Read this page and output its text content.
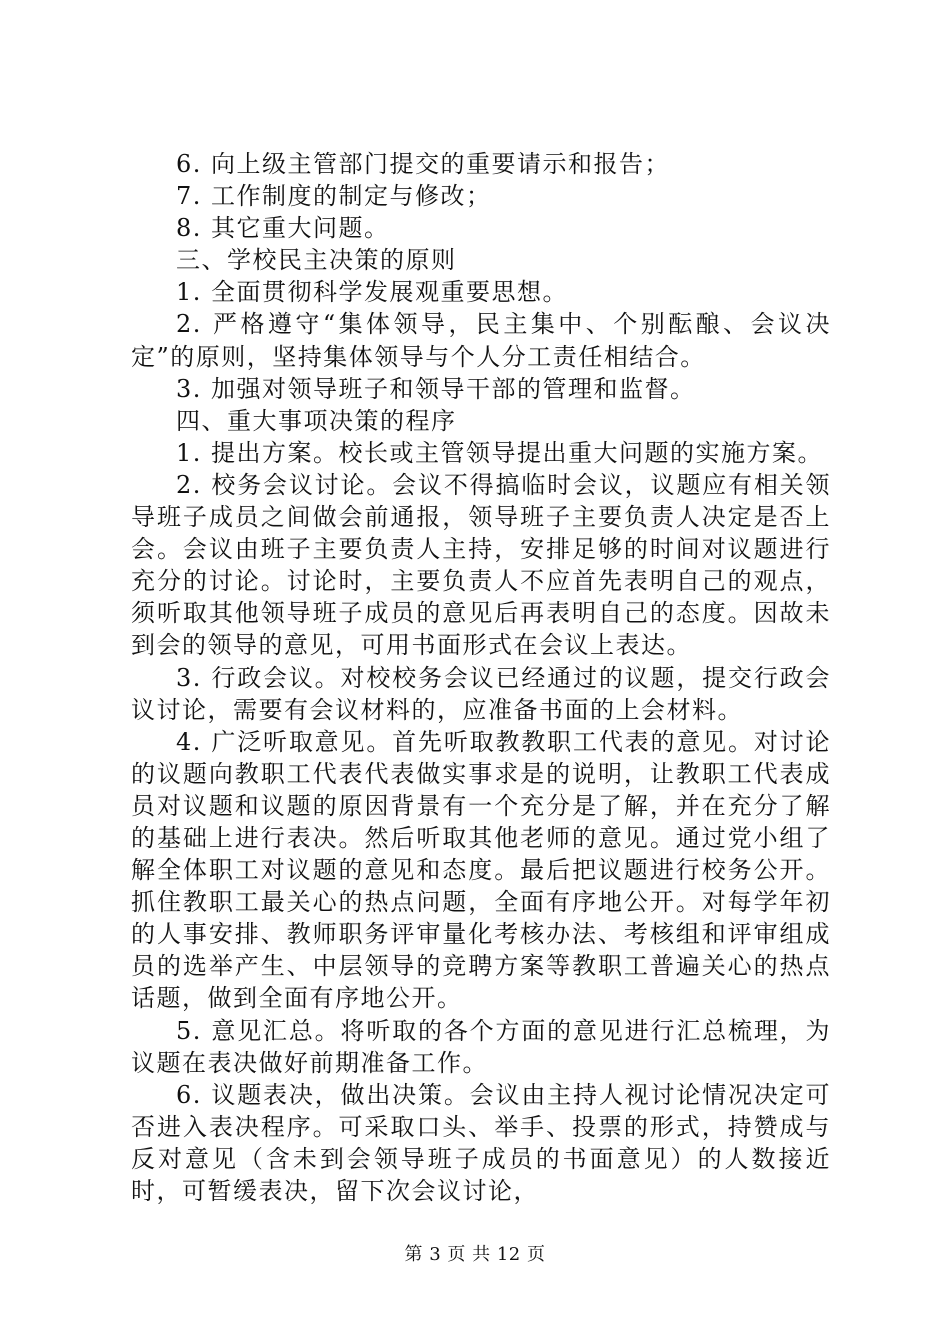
6. 向上级主管部门提交的重要请示和报告；

7. 工作制度的制定与修改；

8. 其它重大问题。

三、学校民主决策的原则

1. 全面贯彻科学发展观重要思想。

2. 严格遵守“集体领导，民主集中、个别酝酿、会议决定”的原则，坚持集体领导与个人分工责任相结合。

3. 加强对领导班子和领导干部的管理和监督。

四、重大事项决策的程序

1. 提出方案。校长或主管领导提出重大问题的实施方案。

2. 校务会议讨论。会议不得搞临时会议，议题应有相关领导班子成员之间做会前通报，领导班子主要负责人决定是否上会。会议由班子主要负责人主持，安排足够的时间对议题进行充分的讨论。讨论时，主要负责人不应首先表明自己的观点，须听取其他领导班子成员的意见后再表明自己的态度。因故未到会的领导的意见，可用书面形式在会议上表达。

3. 行政会议。对校校务会议已经通过的议题，提交行政会议讨论，需要有会议材料的，应准备书面的上会材料。

4. 广泛听取意见。首先听取教教职工代表的意见。对讨论的议题向教职工代表代表做实事求是的说明，让教职工代表成员对议题和议题的原因背景有一个充分是了解，并在充分了解的基础上进行表决。然后听取其他老师的意见。通过党小组了解全体职工对议题的意见和态度。最后把议题进行校务公开。抓住教职工最关心的热点问题，全面有序地公开。对每学年初的人事安排、教师职务评审量化考核办法、考核组和评审组成员的选举产生、中层领导的竞聘方案等教职工普遍关心的热点话题，做到全面有序地公开。

5. 意见汇总。将听取的各个方面的意见进行汇总梳理，为议题在表决做好前期准备工作。

6. 议题表决，做出决策。会议由主持人视讨论情况决定可否进入表决程序。可采取口头、举手、投票的形式，持赞成与反对意见（含未到会领导班子成员的书面意见）的人数接近时，可暂缓表决，留下次会议讨论，

第 3 页 共 12 页
